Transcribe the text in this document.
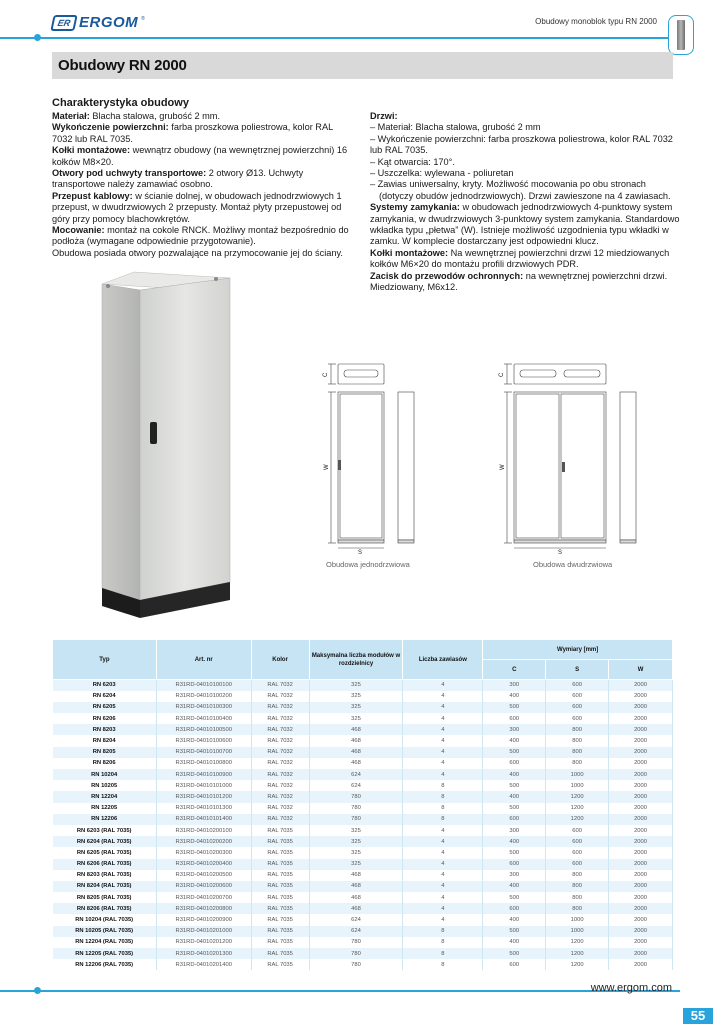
ER ERGOM ®	Obudowy monoblok typu RN 2000
Obudowy RN 2000
Charakterystyka obudowy

Materiał: Blacha stalowa, grubość 2 mm.

Wykończenie powierzchni: farba proszkowa poliestrowa, kolor RAL 7032 lub RAL 7035.

Kołki montażowe: wewnątrz obudowy (na wewnętrznej powierzchni) 16 kołków M8×20.

Otwory pod uchwyty transportowe: 2 otwory Ø13. Uchwyty transportowe należy zamawiać osobno.

Przepust kablowy: w ścianie dolnej, w obudowach jednodrzwiowych 1 przepust, w dwudrzwiowych 2 przepusty. Montaż płyty przepustowej od góry przy pomocy blachowkrętów.

Mocowanie: montaż na cokole RNCK. Możliwy montaż bezpośrednio do podłoża (wymagane odpowiednie przygotowanie).

Obudowa posiada otwory pozwalające na przymocowanie jej do ściany.

Drzwi:

– Materiał: Blacha stalowa, grubość 2 mm

– Wykończenie powierzchni: farba proszkowa poliestrowa, kolor RAL 7032 lub RAL 7035.

– Kąt otwarcia: 170°.

– Uszczelka: wylewana - poliuretan

– Zawias uniwersalny, kryty. Możliwość mocowania po obu stronach

(dotyczy obudów jednodrzwiowych). Drzwi zawieszone na 4 zawiasach.

Systemy zamykania: w obudowach jednodrzwiowych 4-punktowy system zamykania, w dwudrzwiowych 3-punktowy system zamykania. Standardowo wkładka typu „płetwa” (W). Istnieje możliwość uzgodnienia typu wkładki w zamku. W komplecie dostarczany jest odpowiedni klucz.

Kołki montażowe: Na wewnętrznej powierzchni drzwi 12 miedziowanych kołków M6×20 do montażu profili drzwiowych PDR.

Zacisk do przewodów ochronnych: na wewnętrznej powierzchni drzwi. Miedziowany, M6x12.

C
W
S
Obudowa jednodrzwiowa
C
W
S
Obudowa dwudrzwiowa
Typ	Art. nr	Kolor	Maksymalna liczba modułów w rozdzielnicy	Liczba zawiasów	Wymiary [mm]		
					C	S	W
RN 6203	R31RD-04010100100	RAL 7032	325	4	300	600	2000
RN 6204	R31RD-04010100200	RAL 7032	325	4	400	600	2000
RN 6205	R31RD-04010100300	RAL 7032	325	4	500	600	2000
RN 6206	R31RD-04010100400	RAL 7032	325	4	600	600	2000
RN 8203	R31RD-04010100500	RAL 7032	468	4	300	800	2000
RN 8204	R31RD-04010100600	RAL 7032	468	4	400	800	2000
RN 8205	R31RD-04010100700	RAL 7032	468	4	500	800	2000
RN 8206	R31RD-04010100800	RAL 7032	468	4	600	800	2000
RN 10204	R31RD-04010100900	RAL 7032	624	4	400	1000	2000
RN 10205	R31RD-04010101000	RAL 7032	624	8	500	1000	2000
RN 12204	R31RD-04010101200	RAL 7032	780	8	400	1200	2000
RN 12205	R31RD-04010101300	RAL 7032	780	8	500	1200	2000
RN 12206	R31RD-04010101400	RAL 7032	780	8	600	1200	2000
RN 6203 (RAL 7035)	R31RD-04010200100	RAL 7035	325	4	300	600	2000
RN 6204 (RAL 7035)	R31RD-04010200200	RAL 7035	325	4	400	600	2000
RN 6205 (RAL 7035)	R31RD-04010200300	RAL 7035	325	4	500	600	2000
RN 6206 (RAL 7035)	R31RD-04010200400	RAL 7035	325	4	600	600	2000
RN 8203 (RAL 7035)	R31RD-04010200500	RAL 7035	468	4	300	800	2000
RN 8204 (RAL 7035)	R31RD-04010200600	RAL 7035	468	4	400	800	2000
RN 8205 (RAL 7035)	R31RD-04010200700	RAL 7035	468	4	500	800	2000
RN 8206 (RAL 7035)	R31RD-04010200800	RAL 7035	468	4	600	800	2000
RN 10204 (RAL 7035)	R31RD-04010200900	RAL 7035	624	4	400	1000	2000
RN 10205 (RAL 7035)	R31RD-04010201000	RAL 7035	624	8	500	1000	2000
RN 12204 (RAL 7035)	R31RD-04010201200	RAL 7035	780	8	400	1200	2000
RN 12205 (RAL 7035)	R31RD-04010201300	RAL 7035	780	8	500	1200	2000
RN 12206 (RAL 7035)	R31RD-04010201400	RAL 7035	780	8	600	1200	2000
www.ergom.com
55
